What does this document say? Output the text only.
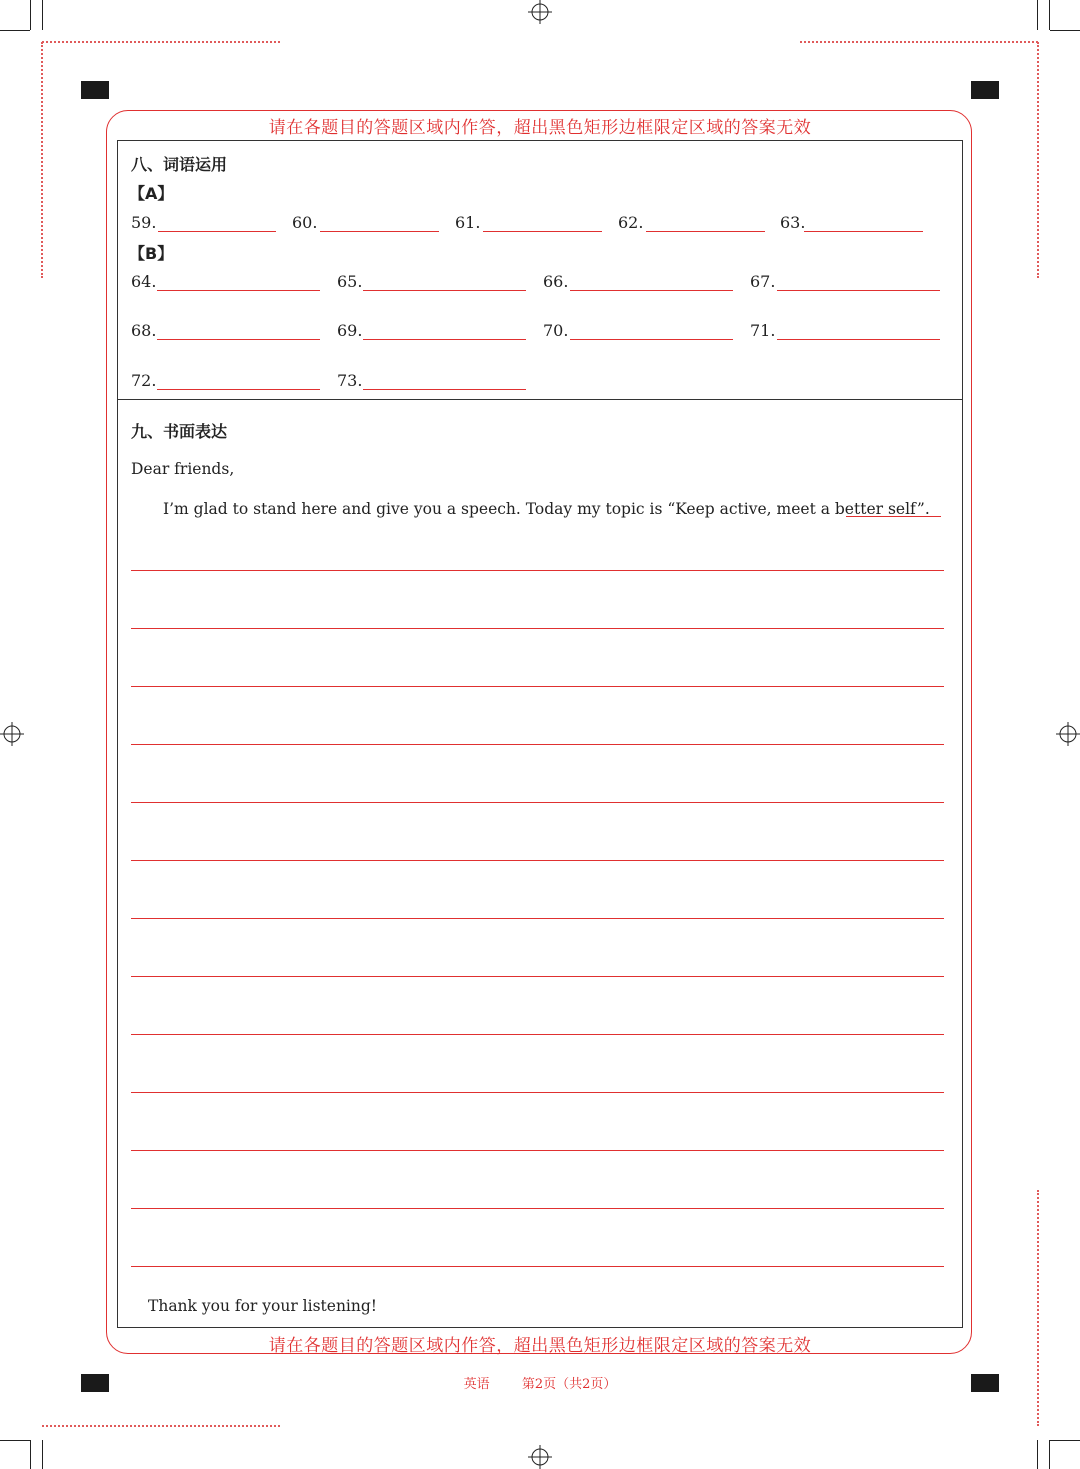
请在各题目的答题区域内作答，超出黑色矩形边框限定区域的答案无效
请在各题目的答题区域内作答，超出黑色矩形边框限定区域的答案无效
八、词语运用
【A】
59.	60.	61.	62.	63.
【B】
64.	65.	66.	67.
68.	69.	70.	71.
72.	73.
九、书面表达
Dear friends,
I’m glad to stand here and give you a speech. Today my topic is “Keep active, meet a better self”.
Thank you for your listening!
英语 第2页（共2页）
